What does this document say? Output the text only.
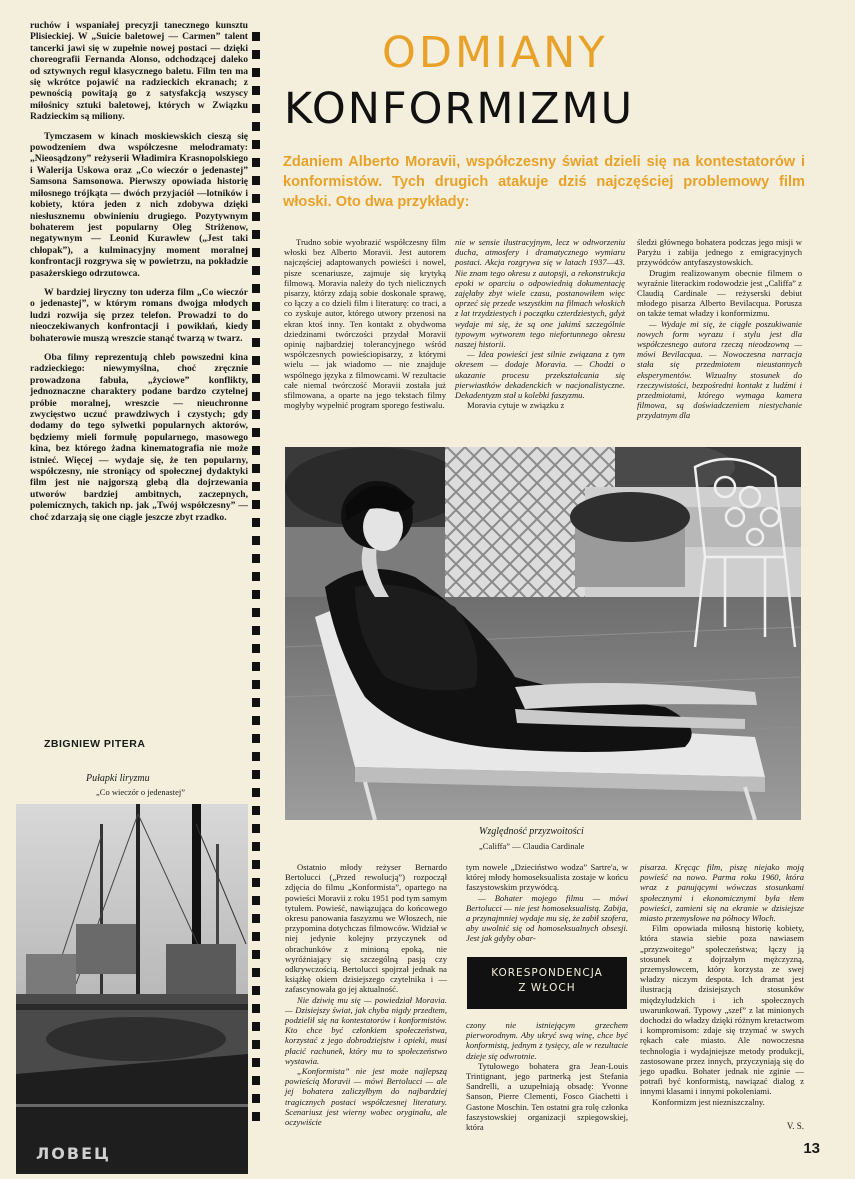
ruchów i wspaniałej precyzji tanecznego kunsztu Plisieckiej. W „Suicie baletowej — Carmen” talent tancerki jawi się w zupełnie nowej postaci — dzięki choreografii Fernanda Alonso, odchodzącej daleko od sztywnych reguł klasycznego baletu. Film ten ma się wkrótce pojawić na radzieckich ekranach; z pewnością powitają go z satysfakcją wszyscy miłośnicy sztuki baletowej, których w Związku Radzieckim są miliony.
Tymczasem w kinach moskiewskich cieszą się powodzeniem dwa współczesne melodramaty: „Nieosądzony” reżyserii Władimira Krasnopolskiego i Walerija Uskowa oraz „Co wieczór o jedenastej” Samsona Samsonowa. Pierwszy opowiada historię miłosnego trójkąta — dwóch przyjaciół —lotników i kobiety, która jeden z nich zdobywa dzięki niesłusznemu obwinieniu drugiego. Pozytywnym bohaterem jest popularny Oleg Striżenow, negatywnym — Leonid Kurawlew („Jest taki chłopak”), a kulminacyjny moment moralnej konfrontacji rozgrywa się w powietrzu, na pokładzie pasażerskiego odrzutowca.
W bardziej liryczny ton uderza film „Co wieczór o jedenastej”, w którym romans dwojga młodych ludzi rozwija się przez telefon. Prowadzi to do nieoczekiwanych konfrontacji i powikłań, kiedy bohaterowie muszą wreszcie stanąć twarzą w twarz.
Oba filmy reprezentują chleb powszedni kina radzieckiego: niewymyślna, choć zręcznie prowadzona fabuła, „życiowe” konflikty, jednoznaczne charaktery podane bardzo czytelnej próbie moralnej, wreszcie — nieuchronne zwycięstwo uczuć prawdziwych i czystych; gdy dodamy do tego sylwetki popularnych aktorów, będziemy mieli formułę popularnego, masowego kina, bez którego żadna kinematografia nie może istnieć. Więcej — wydaje się, że ten popularny, współczesny, nie stroniący od społecznej dydaktyki film jest nie najgorszą glebą dla dojrzewania utworów bardziej ambitnych, zaczepnych, polemicznych, takich np. jak „Twój współczesny” — choć zdarzają się one ciągle jeszcze zbyt rzadko.
ZBIGNIEW PITERA
Pułapki liryzmu
„Co wieczór o jedenastej”
ЛОВЕЦ
ODMIANY
KONFORMIZMU
Zdaniem Alberto Moravii, współczesny świat dzieli się na kontestatorów i konformistów. Tych drugich atakuje dziś najczęściej problemowy film włoski. Oto dwa przykłady:
Trudno sobie wyobrazić współczesny film włoski bez Alberto Moravii. Jest autorem najczęściej adaptowanych powieści i nowel, pisze scenariusze, zajmuje się krytyką filmową. Moravia należy do tych nielicznych pisarzy, którzy zdają sobie doskonale sprawę, co łączy a co dzieli film i literaturę: co traci, a co zyskuje autor, którego utwory przenosi na ekran ktoś inny. Ten kontakt z obydwoma dziedzinami twórczości przydał Moravii opinię najbardziej tolerancyjnego wśród współczesnych powieściopisarzy, z którymi wielu — jak wiadomo — nie znajduje wspólnego języka z filmowcami. W rezultacie całe niemal twórczość Moravii została już sfilmowana, a oparte na jego tekstach filmy mogłyby wypełnić program sporego festiwalu.
nie w sensie ilustracyjnym, lecz w odtworzeniu ducha, atmosfery i dramatycznego wymiaru postaci. Akcja rozgrywa się w latach 1937—43. Nie znam tego okresu z autopsji, a rekonstrukcja epoki w oparciu o odpowiednią dokumentację zajęłaby zbyt wiele czasu, postanowiłem więc oprzeć się przede wszystkim na filmach włoskich z lat trzydziestych i początku czterdziestych, gdyż wydaje mi się, że są one jakimś szczególnie typowym wytworem tego niefortunnego okresu naszej historii.
— Idea powieści jest silnie związana z tym okresem — dodaje Moravia. — Chodzi o ukazanie procesu przekształcania się pierwiastków dekadenckich w nacjonalistyczne. Dekadentyzm stał u kolebki faszyzmu.
Moravia cytuje w związku z
śledzi głównego bohatera podczas jego misji w Paryżu i zabija jednego z emigracyjnych przywódców antyfaszystowskich.
Drugim realizowanym obecnie filmem o wyraźnie literackim rodowodzie jest „Califfa” z Claudią Cardinale — reżyserski debiut młodego pisarza Alberto Bevilacqua. Porusza on także temat władzy i konformizmu.
— Wydaje mi się, że ciągłe poszukiwanie nowych form wyrazu i stylu jest dla współczesnego autora rzeczą nieodzowną — mówi Bevilacqua. — Nowoczesna narracja stała się przedmiotem nieustannych eksperymentów. Wizualny stosunek do rzeczywistości, bezpośredni kontakt z ludźmi i przedmiotami, którego wymaga kamera filmowa, są doświadczeniem niestychanie przydatnym dla
Względność przyzwoitości
„Califfa” — Claudia Cardinale
Ostatnio młody reżyser Bernardo Bertolucci („Przed rewolucją”) rozpoczął zdjęcia do filmu „Konformista”, opartego na powieści Moravii z roku 1951 pod tym samym tytułem. Powieść, nawiązująca do końcowego okresu panowania faszyzmu we Włoszech, nie przypomina dotychczas filmowców. Widział w niej jedynie kolejny przyczynek od obrachunków z minioną epoką, nie wyróżniający się szczególną pasją czy odkrywczością. Bertolucci spojrzał jednak na książkę okiem dzisiejszego czytelnika i — zafascynowała go jej aktualność.
Nie dziwię mu się — powiedział Moravia. — Dzisiejszy świat, jak chyba nigdy przedtem, podzielił się na kontestatorów i konformistów. Kto chce być członkiem społeczeństwa, korzystać z jego dobrodziejstw i opieki, musi płacić rachunek, który mu to społeczeństwo wystawia.
„Konformista” nie jest może najlepszą powieścią Moravii — mówi Bertolucci — ale jej bohatera zaliczyłbym do najbardziej tragicznych postaci współczesnej literatury. Scenariusz jest wierny wobec oryginału, ale oczywiście
tym nowele „Dzieciństwo wodza” Sartre'a, w której młody homoseksualista zostaje w końcu faszystowskim przywódcą.
— Bohater mojego filmu — mówi Bertolucci — nie jest homoseksualistą. Zabija, a przynajmniej wydaje mu się, że zabił szofera, aby uwolnić się od homoseksualnych obsesji. Jest jak gdyby obar-
KORESPONDENCJA
Z WŁOCH
czony nie istniejącym grzechem pierworodnym. Aby ukryć swą winę, chce być konformistą, jednym z tysięcy, ale w rezultacie dzieje się odwrotnie.
Tytułowego bohatera gra Jean-Louis Trintignant, jego partnerką jest Stefania Sandrelli, a uzupełniają obsadę: Yvonne Sanson, Pierre Clementi, Fosco Giachetti i Gastone Moschin. Ten ostatni gra rolę członka faszystowskiej organizacji szpiegowskiej, która
pisarza. Kręcąc film, piszę niejako moją powieść na nowo. Parma roku 1960, która wraz z panującymi wówczas stosunkami społecznymi i ekonomicznymi była tłem powieści, zamieni się na ekranie w dzisiejsze miasto przemysłowe na północy Włoch.
Film opowiada miłosną historię kobiety, która stawia siebie poza nawiasem „przyzwoitego” społeczeństwa; łączy ją stosunek z dojrzałym mężczyzną, przemysłowcem, który korzysta ze swej władzy niczym despota. Ich dramat jest ilustracją dzisiejszych stosunków międzyludzkich i ich społecznych uwarunkowań. Typowy „szef” z lat minionych dochodzi do władzy dzięki różnym kretactwom i kompromisom: zdaje się trzymać w swych rękach całe miasto. Ale nowoczesna technologia i wydajniejsze metody produkcji, zastosowane przez innych, przyczyniają się do jego upadku. Bohater jednak nie zginie — potrafi być konformistą, nawiązać dialog z innymi klasami i innymi pokoleniami.
Konformizm jest niezniszczalny.
V. S.
13
